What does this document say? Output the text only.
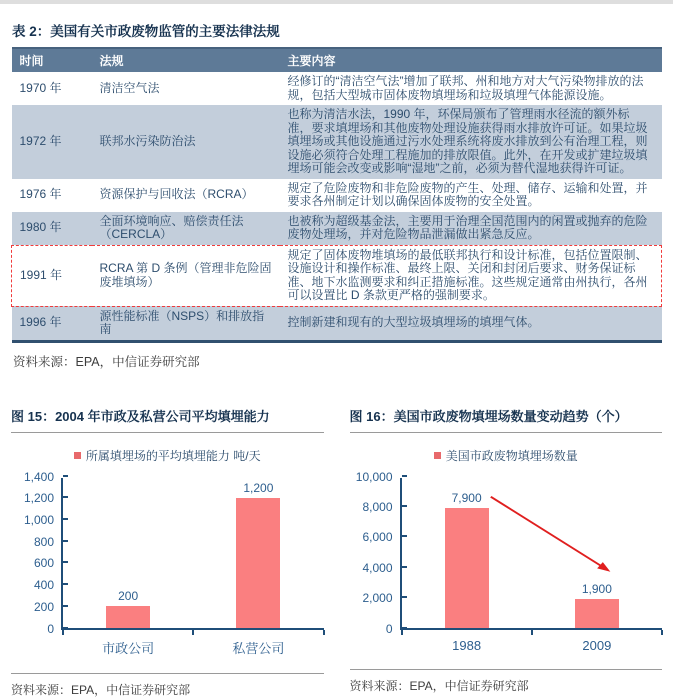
表 2：美国有关市政废物监管的主要法律法规
时间	法规	主要内容
1970 年	清洁空气法	经修订的“清洁空气法”增加了联邦、州和地方对大气污染物排放的法规，包括大型城市固体废物填埋场和垃圾填埋气体能源设施。
1972 年	联邦水污染防治法	也称为清洁水法，1990 年，环保局颁布了管理雨水径流的额外标准，要求填埋场和其他废物处理设施获得雨水排放许可证。如果垃圾填埋场或其他设施通过污水处理系统将废水排放到公有治理工程，则设施必须符合处理工程施加的排放限值。此外，在开发或扩建垃圾填埋场可能会改变或影响“湿地”之前，必须为替代湿地获得许可证。
1976 年	资源保护与回收法（RCRA）	规定了危险废物和非危险废物的产生、处理、储存、运输和处置，并要求各州制定计划以确保固体废物的安全处置。
1980 年	全面环境响应、赔偿责任法（CERCLA）	也被称为超级基金法，主要用于治理全国范围内的闲置或抛弃的危险废物处理场，并对危险物品泄漏做出紧急反应。
1991 年	RCRA 第 D 条例（管理非危险固废堆填场）	规定了固体废物堆填场的最低联邦执行和设计标准，包括位置限制、设施设计和操作标准、最终上限、关闭和封闭后要求、财务保证标准、地下水监测要求和纠正措施标准。这些规定通常由州执行，各州可以设置比 D 条款更严格的强制要求。
1996 年	源性能标准（NSPS）和排放指南	控制新建和现有的大型垃圾填埋场的填埋气体。
资料来源：EPA，中信证券研究部
图 15：2004 年市政及私营公司平均填埋能力
所属填埋场的平均填埋能力 吨/天
0
200
400
600
800
1,000
1,200
1,400
200
1,200
市政公司	私营公司
资料来源：EPA，中信证券研究部
图 16：美国市政废物填埋场数量变动趋势（个）
美国市政废物填埋场数量
0
2,000
4,000
6,000
8,000
10,000
7,900
1,900
1988	2009
资料来源：EPA，中信证券研究部
